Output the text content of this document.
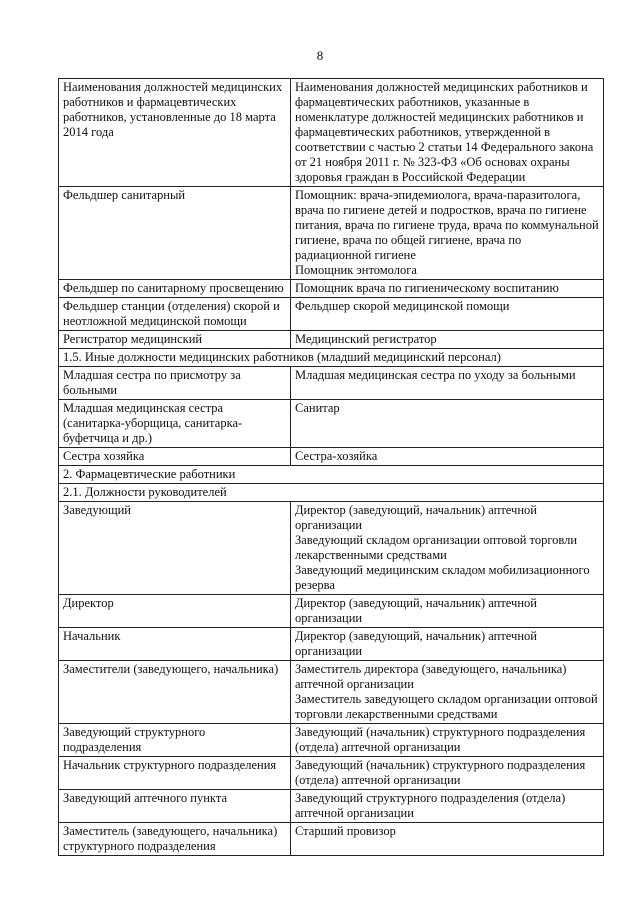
8
Наименования должностей медицинских работников и фармацевтических работников, установленные до 18 марта 2014 года	Наименования должностей медицинских работников и фармацевтических работников, указанные в номенклатуре должностей медицинских работников и фармацевтических работников, утвержденной в соответствии с частью 2 статьи 14 Федерального закона от 21 ноября 2011 г. № 323-ФЗ «Об основах охраны здоровья граждан в Российской Федерации
Фельдшер санитарный	Помощник: врача-эпидемиолога, врача-паразитолога, врача по гигиене детей и подростков, врача по гигиене питания, врача по гигиене труда, врача по коммунальной гигиене, врача по общей гигиене, врача по радиационной гигиене
Помощник энтомолога

Фельдшер по санитарному просвещению	Помощник врача по гигиеническому воспитанию

Фельдшер станции (отделения) скорой и неотложной медицинской помощи	Фельдшер скорой медицинской помощи

Регистратор медицинский	Медицинский регистратор

1.5. Иные должности медицинских работников (младший медицинский персонал)	
Младшая сестра по присмотру за больными	Младшая медицинская сестра по уходу за больными

Младшая медицинская сестра (санитарка-уборщица, санитарка-буфетчица и др.)	Санитар

Сестра хозяйка	Сестра-хозяйка

2. Фармацевтические работники	
2.1. Должности руководителей	
Заведующий	Директор (заведующий, начальник) аптечной организации
Заведующий складом организации оптовой торговли лекарственными средствами
Заведующий медицинским складом мобилизационного резерва

Директор	Директор (заведующий, начальник) аптечной организации

Начальник	Директор (заведующий, начальник) аптечной организации

Заместители (заведующего, начальника)	Заместитель директора (заведующего, начальника) аптечной организации
Заместитель заведующего складом организации оптовой торговли лекарственными средствами

Заведующий структурного подразделения	Заведующий (начальник) структурного подразделения (отдела) аптечной организации

Начальник структурного подразделения	Заведующий (начальник) структурного подразделения (отдела) аптечной организации

Заведующий аптечного пункта	Заведующий структурного подразделения (отдела) аптечной организации

Заместитель (заведующего, начальника) структурного подразделения	Старший провизор
